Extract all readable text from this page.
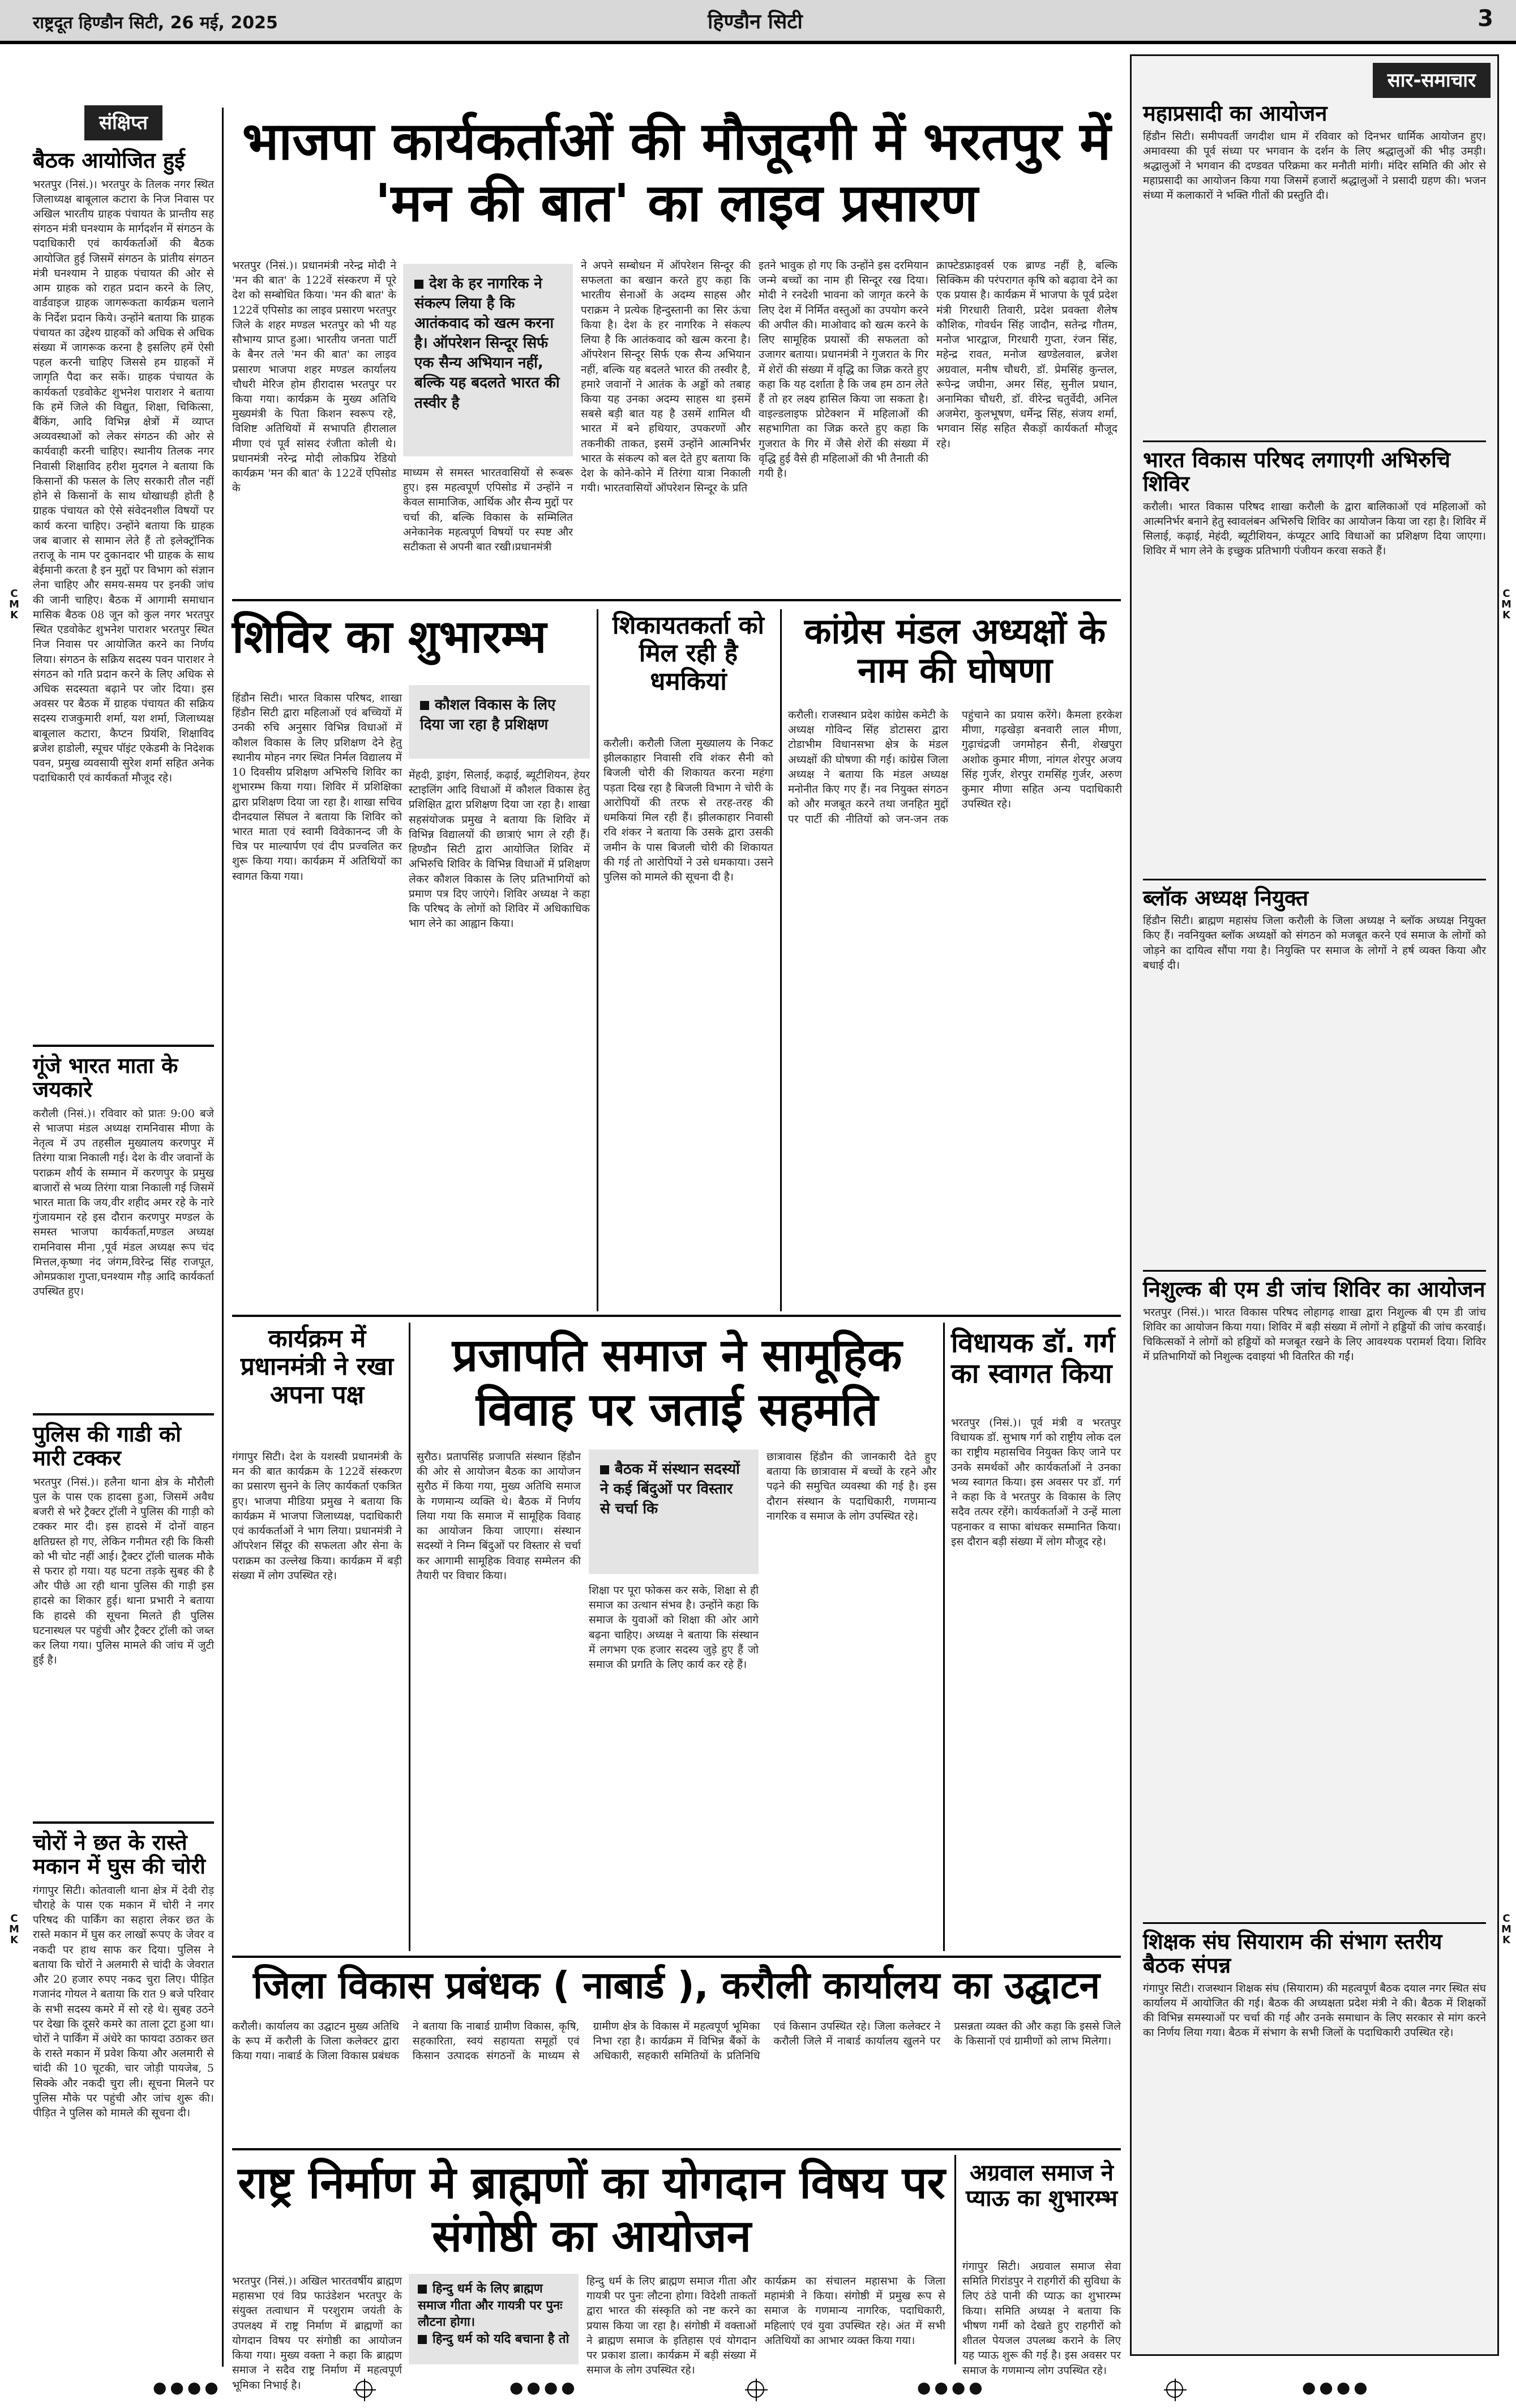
राष्ट्रदूत हिण्डौन सिटी, 26 मई, 2025	हिण्डौन सिटी	3
संक्षिप्त
बैठक आयोजित हुई
भरतपुर (निसं.)। भरतपुर के तिलक नगर स्थित जिलाध्यक्ष बाबूलाल कटारा के निज निवास पर अखिल भारतीय ग्राहक पंचायत के प्रान्तीय सह संगठन मंत्री घनश्याम के मार्गदर्शन में संगठन के पदाधिकारी एवं कार्यकर्ताओं की बैठक आयोजित हुई जिसमें संगठन के प्रांतीय संगठन मंत्री घनश्याम ने ग्राहक पंचायत की ओर से आम ग्राहक को राहत प्रदान करने के लिए, वार्डवाइज ग्राहक जागरूकता कार्यक्रम चलाने के निर्देश प्रदान किये। उन्होंने बताया कि ग्राहक पंचायत का उद्देश्य ग्राहकों को अधिक से अधिक संख्या में जागरूक करना है इसलिए हमें ऐसी पहल करनी चाहिए जिससे हम ग्राहकों में जागृति पैदा कर सकें। ग्राहक पंचायत के कार्यकर्ता एडवोकेट शुभनेश पाराशर ने बताया कि हमें जिले की विद्युत, शिक्षा, चिकित्सा, बैंकिंग, आदि विभिन्न क्षेत्रों में व्याप्त अव्यवस्थाओं को लेकर संगठन की ओर से कार्यवाही करनी चाहिए। स्थानीय तिलक नगर निवासी शिक्षाविद हरीश मुदगल ने बताया कि किसानों की फसल के लिए सरकारी तौल नहीं होने से किसानों के साथ धोखाधड़ी होती है ग्राहक पंचायत को ऐसे संवेदनशील विषयों पर कार्य करना चाहिए। उन्होंने बताया कि ग्राहक जब बाजार से सामान लेते हैं तो इलेक्ट्रॉनिक तराजू के नाम पर दुकानदार भी ग्राहक के साथ बेईमानी करता है इन मुद्दों पर विभाग को संज्ञान लेना चाहिए और समय-समय पर इनकी जांच की जानी चाहिए। बैठक में आगामी समाधान मासिक बैठक 08 जून को कुल नगर भरतपुर स्थित एडवोकेट शुभनेश पाराशर भरतपुर स्थित निज निवास पर आयोजित करने का निर्णय लिया। संगठन के सक्रिय सदस्य पवन पाराशर ने संगठन को गति प्रदान करने के लिए अधिक से अधिक सदस्यता बढ़ाने पर जोर दिया। इस अवसर पर बैठक में ग्राहक पंचायत की सक्रिय सदस्य राजकुमारी शर्मा, यश शर्मा, जिलाध्यक्ष बाबूलाल कटारा, कैप्टन प्रियंशि, शिक्षाविद ब्रजेश हाडोली, स्पूचर पॉइंट एकेडमी के निदेशक पवन, प्रमुख व्यवसायी सुरेश शर्मा सहित अनेक पदाधिकारी एवं कार्यकर्ता मौजूद रहे।
गूंजे भारत माता के जयकारे
करौली (निसं.)। रविवार को प्रातः 9:00 बजे से भाजपा मंडल अध्यक्ष रामनिवास मीणा के नेतृत्व में उप तहसील मुख्यालय करणपुर में तिरंगा यात्रा निकाली गई। देश के वीर जवानों के पराक्रम शौर्य के सम्मान में करणपुर के प्रमुख बाजारों से भव्य तिरंगा यात्रा निकाली गई जिसमें भारत माता कि जय,वीर शहीद अमर रहे के नारे गुंजायमान रहे इस दौरान करणपुर मण्डल के समस्त भाजपा कार्यकर्ता,मण्डल अध्यक्ष रामनिवास मीना ,पूर्व मंडल अध्यक्ष रूप चंद मित्तल,कृष्णा नंद जंगम,विरेन्द्र सिंह राजपूत, ओमप्रकाश गुप्ता,घनश्याम गौड़ आदि कार्यकर्ता उपस्थित हुए।
पुलिस की गाडी को मारी टक्कर
भरतपुर (निसं.)। हलैना थाना क्षेत्र के मौरौली पुल के पास एक हादसा हुआ, जिसमें अवैध बजरी से भरे ट्रैक्टर ट्रॉली ने पुलिस की गाड़ी को टक्कर मार दी। इस हादसे में दोनों वाहन क्षतिग्रस्त हो गए, लेकिन गनीमत रही कि किसी को भी चोट नहीं आई। ट्रैक्टर ट्रॉली चालक मौके से फरार हो गया। यह घटना तड़के सुबह की है और पीछे आ रही थाना पुलिस की गाड़ी इस हादसे का शिकार हुई। थाना प्रभारी ने बताया कि हादसे की सूचना मिलते ही पुलिस घटनास्थल पर पहुंची और ट्रैक्टर ट्रॉली को जब्त कर लिया गया। पुलिस मामले की जांच में जुटी हुई है।
चोरों ने छत के रास्ते मकान में घुस की चोरी
गंगापुर सिटी। कोतवाली थाना क्षेत्र में देवी रोड़ चौराहे के पास एक मकान में चोरी ने नगर परिषद की पार्किंग का सहारा लेकर छत के रास्ते मकान में घुस कर लाखों रूपए के जेवर व नकदी पर हाथ साफ कर दिया। पुलिस ने बताया कि चोरों ने अलमारी से चांदी के जेवरात और 20 हजार रुपए नकद चुरा लिए। पीड़ित गजानंद गोयल ने बताया कि रात 9 बजे परिवार के सभी सदस्य कमरे में सो रहे थे। सुबह उठने पर देखा कि दूसरे कमरे का ताला टूटा हुआ था। चोरों ने पार्किंग में अंधेरे का फायदा उठाकर छत के रास्ते मकान में प्रवेश किया और अलमारी से चांदी की 10 चूटकी, चार जोड़ी पायजेब, 5 सिक्के और नकदी चुरा ली। सूचना मिलने पर पुलिस मौके पर पहुंची और जांच शुरू की। पीड़ित ने पुलिस को मामले की सूचना दी।
भाजपा कार्यकर्ताओं की मौजूदगी में भरतपुर में 'मन की बात' का लाइव प्रसारण
भरतपुर (निसं.)। प्रधानमंत्री नरेन्द्र मोदी ने 'मन की बात' के 122वें संस्करण में पूरे देश को सम्बोधित किया। 'मन की बात' के 122वें एपिसोड का लाइव प्रसारण भरतपुर जिले के शहर मण्डल भरतपुर को भी यह सौभाग्य प्राप्त हुआ। भारतीय जनता पार्टी के बैनर तले 'मन की बात' का लाइव प्रसारण भाजपा शहर मण्डल कार्यालय चौधरी मेरिज होम हीरादास भरतपुर पर किया गया। कार्यक्रम के मुख्य अतिथि मुख्यमंत्री के पिता किशन स्वरूप रहे, विशिष्ट अतिथियों में सभापति हीरालाल मीणा एवं पूर्व सांसद रंजीता कोली थे। प्रधानमंत्री नरेन्द्र मोदी लोकप्रिय रेडियो कार्यक्रम 'मन की बात' के 122वें एपिसोड के
देश के हर नागरिक ने संकल्प लिया है कि आतंकवाद को खत्म करना है। ऑपरेशन सिन्दूर सिर्फ एक सैन्य अभियान नहीं, बल्कि यह बदलते भारत की तस्वीर है
माध्यम से समस्त भारतवासियों से रूबरू हुए। इस महत्वपूर्ण एपिसोड में उन्होंने न केवल सामाजिक, आर्थिक और सैन्य मुद्दों पर चर्चा की, बल्कि विकास के सम्मिलित अनेकानेक महत्वपूर्ण विषयों पर स्पष्ट और सटीकता से अपनी बात रखी।प्रधानमंत्री
ने अपने सम्बोधन में ऑपरेशन सिन्दूर की सफलता का बखान करते हुए कहा कि भारतीय सेनाओं के अदम्य साहस और पराक्रम ने प्रत्येक हिन्दुस्तानी का सिर ऊंचा किया है। देश के हर नागरिक ने संकल्प लिया है कि आतंकवाद को खत्म करना है। ऑपरेशन सिन्दूर सिर्फ एक सैन्य अभियान नहीं, बल्कि यह बदलते भारत की तस्वीर है, हमारे जवानों ने आतंक के अड्डों को तबाह किया यह उनका अदम्य साहस था इसमें सबसे बड़ी बात यह है उसमें शामिल थी भारत में बने हथियार, उपकरणों और तकनीकी ताकत, इसमें उन्होंने आत्मनिर्भर भारत के संकल्प को बल देते हुए बताया कि देश के कोने-कोने में तिरंगा यात्रा निकाली गयी। भारतवासियों ऑपरेशन सिन्दूर के प्रति
इतने भावुक हो गए कि उन्होंने इस दरमियान जन्मे बच्चों का नाम ही सिन्दूर रख दिया। मोदी ने रनदेशी भावना को जागृत करने के लिए देश में निर्मित वस्तुओं का उपयोग करने की अपील की। माओवाद को खत्म करने के लिए सामूहिक प्रयासों की सफलता को उजागर बताया। प्रधानमंत्री ने गुजरात के गिर में शेरों की संख्या में वृद्धि का जिक्र करते हुए कहा कि यह दर्शाता है कि जब हम ठान लेते हैं तो हर लक्ष्य हासिल किया जा सकता है। वाइल्डलाइफ प्रोटेक्शन में महिलाओं की सहभागिता का जिक्र करते हुए कहा कि गुजरात के गिर में जैसे शेरों की संख्या में वृद्धि हुई वैसे ही महिलाओं की भी तैनाती की गयी है।
क्राफ्टेडफ्राइवर्स एक ब्राण्ड नहीं है, बल्कि सिक्किम की परंपरागत कृषि को बढ़ावा देने का एक प्रयास है। कार्यक्रम में भाजपा के पूर्व प्रदेश मंत्री गिरधारी तिवारी, प्रदेश प्रवक्ता शैलेष कौशिक, गोवर्धन सिंह जादौन, सतेन्द्र गौतम, मनोज भारद्वाज, गिरधारी गुप्ता, रंजन सिंह, महेन्द्र रावत, मनोज खण्डेलवाल, ब्रजेश अग्रवाल, मनीष चौधरी, डॉ. प्रेमसिंह कुन्तल, रूपेन्द्र जघीना, अमर सिंह, सुनील प्रधान, अनामिका चौधरी, डॉ. वीरेन्द्र चतुर्वेदी, अनिल अजमेरा, कुलभूषण, धर्मेन्द्र सिंह, संजय शर्मा, भगवान सिंह सहित सैकड़ों कार्यकर्ता मौजूद रहे।
शिविर का शुभारम्भ
हिंडौन सिटी। भारत विकास परिषद, शाखा हिंडौन सिटी द्वारा महिलाओं एवं बच्चियों में उनकी रुचि अनुसार विभिन्न विधाओं में कौशल विकास के लिए प्रशिक्षण देने हेतु स्थानीय मोहन नगर स्थित निर्मल विद्यालय में 10 दिवसीय प्रशिक्षण अभिरुचि शिविर का शुभारम्भ किया गया। शिविर में प्रशिक्षिका द्वारा प्रशिक्षण दिया जा रहा है। शाखा सचिव दीनदयाल सिंघल ने बताया कि शिविर को भारत माता एवं स्वामी विवेकानन्द जी के चित्र पर माल्यार्पण एवं दीप प्रज्वलित कर शुरू किया गया। कार्यक्रम में अतिथियों का स्वागत किया गया।
कौशल विकास के लिए दिया जा रहा है प्रशिक्षण
मेंहदी, ड्राइंग, सिलाई, कढ़ाई, ब्यूटीशियन, हेयर स्टाइलिंग आदि विधाओं में कौशल विकास हेतु प्रशिक्षित द्वारा प्रशिक्षण दिया जा रहा है। शाखा सहसंयोजक प्रमुख ने बताया कि शिविर में विभिन्न विद्यालयों की छात्राएं भाग ले रही हैं। हिण्डौन सिटी द्वारा आयोजित शिविर में अभिरुचि शिविर के विभिन्न विधाओं में प्रशिक्षण लेकर कौशल विकास के लिए प्रतिभागियों को प्रमाण पत्र दिए जाएंगे। शिविर अध्यक्ष ने कहा कि परिषद के लोगों को शिविर में अधिकाधिक भाग लेने का आह्वान किया।
शिकायतकर्ता को मिल रही है धमकियां
करौली। करौली जिला मुख्यालय के निकट झीलकाहार निवासी रवि शंकर सैनी को बिजली चोरी की शिकायत करना महंगा पड़ता दिख रहा है बिजली विभाग ने चोरी के आरोपियों की तरफ से तरह-तरह की धमकियां मिल रही हैं। झीलकाहार निवासी रवि शंकर ने बताया कि उसके द्वारा उसकी जमीन के पास बिजली चोरी की शिकायत की गई तो आरोपियों ने उसे धमकाया। उसने पुलिस को मामले की सूचना दी है।
कांग्रेस मंडल अध्यक्षों के नाम की घोषणा
करौली। राजस्थान प्रदेश कांग्रेस कमेटी के अध्यक्ष गोविन्द सिंह डोटासरा द्वारा टोडाभीम विधानसभा क्षेत्र के मंडल अध्यक्षों की घोषणा की गई। कांग्रेस जिला अध्यक्ष ने बताया कि मंडल अध्यक्ष मनोनीत किए गए हैं। नव नियुक्त संगठन को और मजबूत करने तथा जनहित मुद्दों पर पार्टी की नीतियों को जन-जन तक पहुंचाने का प्रयास करेंगे। कैमला हरकेश मीणा, गढ़खेड़ा बनवारी लाल मीणा, गुढ़ाचंद्रजी जगमोहन सैनी, शेखपुरा अशोक कुमार मीणा, नांगल शेरपुर अजय सिंह गुर्जर, शेरपुर रामसिंह गुर्जर, अरुण कुमार मीणा सहित अन्य पदाधिकारी उपस्थित रहे।
कार्यक्रम में प्रधानमंत्री ने रखा अपना पक्ष
गंगापुर सिटी। देश के यशस्वी प्रधानमंत्री के मन की बात कार्यक्रम के 122वें संस्करण का प्रसारण सुनने के लिए कार्यकर्ता एकत्रित हुए। भाजपा मीडिया प्रमुख ने बताया कि कार्यक्रम में भाजपा जिलाध्यक्ष, पदाधिकारी एवं कार्यकर्ताओं ने भाग लिया। प्रधानमंत्री ने ऑपरेशन सिंदूर की सफलता और सेना के पराक्रम का उल्लेख किया। कार्यक्रम में बड़ी संख्या में लोग उपस्थित रहे।
प्रजापति समाज ने सामूहिक विवाह पर जताई सहमति
सुरौठ। प्रतापसिंह प्रजापति संस्थान हिंडौन की ओर से आयोजन बैठक का आयोजन सुरौठ में किया गया, मुख्य अतिथि समाज के गणमान्य व्यक्ति थे। बैठक में निर्णय लिया गया कि समाज में सामूहिक विवाह का आयोजन किया जाएगा। संस्थान सदस्यों ने निम्न बिंदुओं पर विस्तार से चर्चा कर आगामी सामूहिक विवाह सम्मेलन की तैयारी पर विचार किया।
बैठक में संस्थान सदस्यों ने कई बिंदुओं पर विस्तार से चर्चा कि
शिक्षा पर पूरा फोकस कर सके, शिक्षा से ही समाज का उत्थान संभव है। उन्होंने कहा कि समाज के युवाओं को शिक्षा की ओर आगे बढ़ना चाहिए। अध्यक्ष ने बताया कि संस्थान में लगभग एक हजार सदस्य जुड़े हुए हैं जो समाज की प्रगति के लिए कार्य कर रहे हैं।
छात्रावास हिंडौन की जानकारी देते हुए बताया कि छात्रावास में बच्चों के रहने और पढ़ने की समुचित व्यवस्था की गई है। इस दौरान संस्थान के पदाधिकारी, गणमान्य नागरिक व समाज के लोग उपस्थित रहे।
विधायक डॉ. गर्ग का स्वागत किया
भरतपुर (निसं.)। पूर्व मंत्री व भरतपुर विधायक डॉ. सुभाष गर्ग को राष्ट्रीय लोक दल का राष्ट्रीय महासचिव नियुक्त किए जाने पर उनके समर्थकों और कार्यकर्ताओं ने उनका भव्य स्वागत किया। इस अवसर पर डॉ. गर्ग ने कहा कि वे भरतपुर के विकास के लिए सदैव तत्पर रहेंगे। कार्यकर्ताओं ने उन्हें माला पहनाकर व साफा बांधकर सम्मानित किया। इस दौरान बड़ी संख्या में लोग मौजूद रहे।
जिला विकास प्रबंधक ( नाबार्ड ), करौली कार्यालय का उद्घाटन
करौली। कार्यालय का उद्घाटन मुख्य अतिथि के रूप में करौली के जिला कलेक्टर द्वारा किया गया। नाबार्ड के जिला विकास प्रबंधक ने बताया कि नाबार्ड ग्रामीण विकास, कृषि, सहकारिता, स्वयं सहायता समूहों एवं किसान उत्पादक संगठनों के माध्यम से ग्रामीण क्षेत्र के विकास में महत्वपूर्ण भूमिका निभा रहा है। कार्यक्रम में विभिन्न बैंकों के अधिकारी, सहकारी समितियों के प्रतिनिधि एवं किसान उपस्थित रहे। जिला कलेक्टर ने करौली जिले में नाबार्ड कार्यालय खुलने पर प्रसन्नता व्यक्त की और कहा कि इससे जिले के किसानों एवं ग्रामीणों को लाभ मिलेगा।
राष्ट्र निर्माण मे ब्राह्मणों का योगदान विषय पर संगोष्ठी का आयोजन
भरतपुर (निसं.)। अखिल भारतवर्षीय ब्राह्मण महासभा एवं विप्र फाउंडेशन भरतपुर के संयुक्त तत्वाधान में परशुराम जयंती के उपलक्ष्य में राष्ट्र निर्माण में ब्राह्मणों का योगदान विषय पर संगोष्ठी का आयोजन किया गया। मुख्य वक्ता ने कहा कि ब्राह्मण समाज ने सदैव राष्ट्र निर्माण में महत्वपूर्ण भूमिका निभाई है।
हिन्दु धर्म के लिए ब्राह्मण समाज गीता और गायत्री पर पुनः लौटना होगा।
हिन्दु धर्म को यदि बचाना है तो
हिन्दु धर्म के लिए ब्राह्मण समाज गीता और गायत्री पर पुनः लौटना होगा। विदेशी ताकतों द्वारा भारत की संस्कृति को नष्ट करने का प्रयास किया जा रहा है। संगोष्ठी में वक्ताओं ने ब्राह्मण समाज के इतिहास एवं योगदान पर प्रकाश डाला। कार्यक्रम में बड़ी संख्या में समाज के लोग उपस्थित रहे।
कार्यक्रम का संचालन महासभा के जिला महामंत्री ने किया। संगोष्ठी में प्रमुख रूप से समाज के गणमान्य नागरिक, पदाधिकारी, महिलाएं एवं युवा उपस्थित रहे। अंत में सभी अतिथियों का आभार व्यक्त किया गया।
अग्रवाल समाज ने प्याऊ का शुभारम्भ
गंगापुर सिटी। अग्रवाल समाज सेवा समिति गिरांडपुर ने राहगीरों की सुविधा के लिए ठंडे पानी की प्याऊ का शुभारम्भ किया। समिति अध्यक्ष ने बताया कि भीषण गर्मी को देखते हुए राहगीरों को शीतल पेयजल उपलब्ध कराने के लिए यह प्याऊ शुरू की गई है। इस अवसर पर समाज के गणमान्य लोग उपस्थित रहे।
सार-समाचार
महाप्रसादी का आयोजन
हिंडौन सिटी। समीपवर्ती जगदीश धाम में रविवार को दिनभर धार्मिक आयोजन हुए। अमावस्या की पूर्व संध्या पर भगवान के दर्शन के लिए श्रद्धालुओं की भीड़ उमड़ी। श्रद्धालुओं ने भगवान की दण्डवत परिक्रमा कर मनौती मांगी। मंदिर समिति की ओर से महाप्रसादी का आयोजन किया गया जिसमें हजारों श्रद्धालुओं ने प्रसादी ग्रहण की। भजन संध्या में कलाकारों ने भक्ति गीतों की प्रस्तुति दी।
भारत विकास परिषद लगाएगी अभिरुचि शिविर
करौली। भारत विकास परिषद शाखा करौली के द्वारा बालिकाओं एवं महिलाओं को आत्मनिर्भर बनाने हेतु स्वावलंबन अभिरुचि शिविर का आयोजन किया जा रहा है। शिविर में सिलाई, कढ़ाई, मेहंदी, ब्यूटीशियन, कंप्यूटर आदि विधाओं का प्रशिक्षण दिया जाएगा। शिविर में भाग लेने के इच्छुक प्रतिभागी पंजीयन करवा सकते हैं।
ब्लॉक अध्यक्ष नियुक्त
हिंडौन सिटी। ब्राह्मण महासंघ जिला करौली के जिला अध्यक्ष ने ब्लॉक अध्यक्ष नियुक्त किए हैं। नवनियुक्त ब्लॉक अध्यक्षों को संगठन को मजबूत करने एवं समाज के लोगों को जोड़ने का दायित्व सौंपा गया है। नियुक्ति पर समाज के लोगों ने हर्ष व्यक्त किया और बधाई दी।
निशुल्क बी एम डी जांच शिविर का आयोजन
भरतपुर (निसं.)। भारत विकास परिषद लोहागढ़ शाखा द्वारा निशुल्क बी एम डी जांच शिविर का आयोजन किया गया। शिविर में बड़ी संख्या में लोगों ने हड्डियों की जांच करवाई। चिकित्सकों ने लोगों को हड्डियों को मजबूत रखने के लिए आवश्यक परामर्श दिया। शिविर में प्रतिभागियों को निशुल्क दवाइयां भी वितरित की गईं।
शिक्षक संघ सियाराम की संभाग स्तरीय बैठक संपन्न
गंगापुर सिटी। राजस्थान शिक्षक संघ (सियाराम) की महत्वपूर्ण बैठक दयाल नगर स्थित संघ कार्यालय में आयोजित की गई। बैठक की अध्यक्षता प्रदेश मंत्री ने की। बैठक में शिक्षकों की विभिन्न समस्याओं पर चर्चा की गई और उनके समाधान के लिए सरकार से मांग करने का निर्णय लिया गया। बैठक में संभाग के सभी जिलों के पदाधिकारी उपस्थित रहे।
C
M
K
C
M
K
C
M
K
C
M
K
●●●●	●●●●	●●●●	●●●●
